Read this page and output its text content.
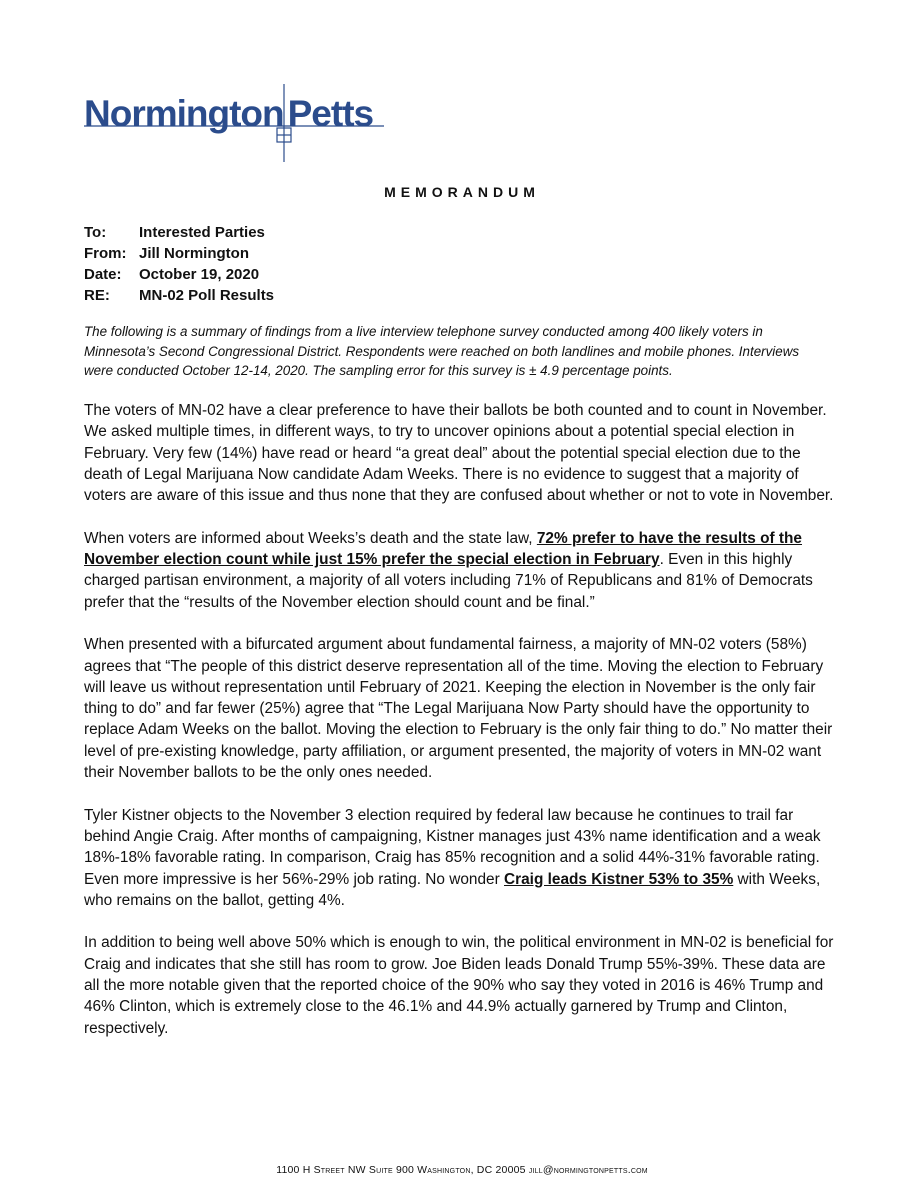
Normington Petts
MEMORANDUM
To:	Interested Parties
From: Jill Normington
Date:	October 19, 2020
RE:	MN-02 Poll Results
The following is a summary of findings from a live interview telephone survey conducted among 400 likely voters in Minnesota’s Second Congressional District. Respondents were reached on both landlines and mobile phones. Interviews were conducted October 12-14, 2020. The sampling error for this survey is ± 4.9 percentage points.

The voters of MN-02 have a clear preference to have their ballots be both counted and to count in November. We asked multiple times, in different ways, to try to uncover opinions about a potential special election in February. Very few (14%) have read or heard “a great deal” about the potential special election due to the death of Legal Marijuana Now candidate Adam Weeks. There is no evidence to suggest that a majority of voters are aware of this issue and thus none that they are confused about whether or not to vote in November.

When voters are informed about Weeks’s death and the state law, 72% prefer to have the results of the November election count while just 15% prefer the special election in February. Even in this highly charged partisan environment, a majority of all voters including 71% of Republicans and 81% of Democrats prefer that the “results of the November election should count and be final.”

When presented with a bifurcated argument about fundamental fairness, a majority of MN-02 voters (58%) agrees that “The people of this district deserve representation all of the time. Moving the election to February will leave us without representation until February of 2021. Keeping the election in November is the only fair thing to do” and far fewer (25%) agree that “The Legal Marijuana Now Party should have the opportunity to replace Adam Weeks on the ballot. Moving the election to February is the only fair thing to do.” No matter their level of pre-existing knowledge, party affiliation, or argument presented, the majority of voters in MN-02 want their November ballots to be the only ones needed.

Tyler Kistner objects to the November 3 election required by federal law because he continues to trail far behind Angie Craig. After months of campaigning, Kistner manages just 43% name identification and a weak 18%-18% favorable rating. In comparison, Craig has 85% recognition and a solid 44%-31% favorable rating. Even more impressive is her 56%-29% job rating. No wonder Craig leads Kistner 53% to 35% with Weeks, who remains on the ballot, getting 4%.

In addition to being well above 50% which is enough to win, the political environment in MN-02 is beneficial for Craig and indicates that she still has room to grow. Joe Biden leads Donald Trump 55%-39%. These data are all the more notable given that the reported choice of the 90% who say they voted in 2016 is 46% Trump and 46% Clinton, which is extremely close to the 46.1% and 44.9% actually garnered by Trump and Clinton, respectively.

1100 H Street NW Suite 900 Washington, DC 20005 jill@normingtonpetts.com
